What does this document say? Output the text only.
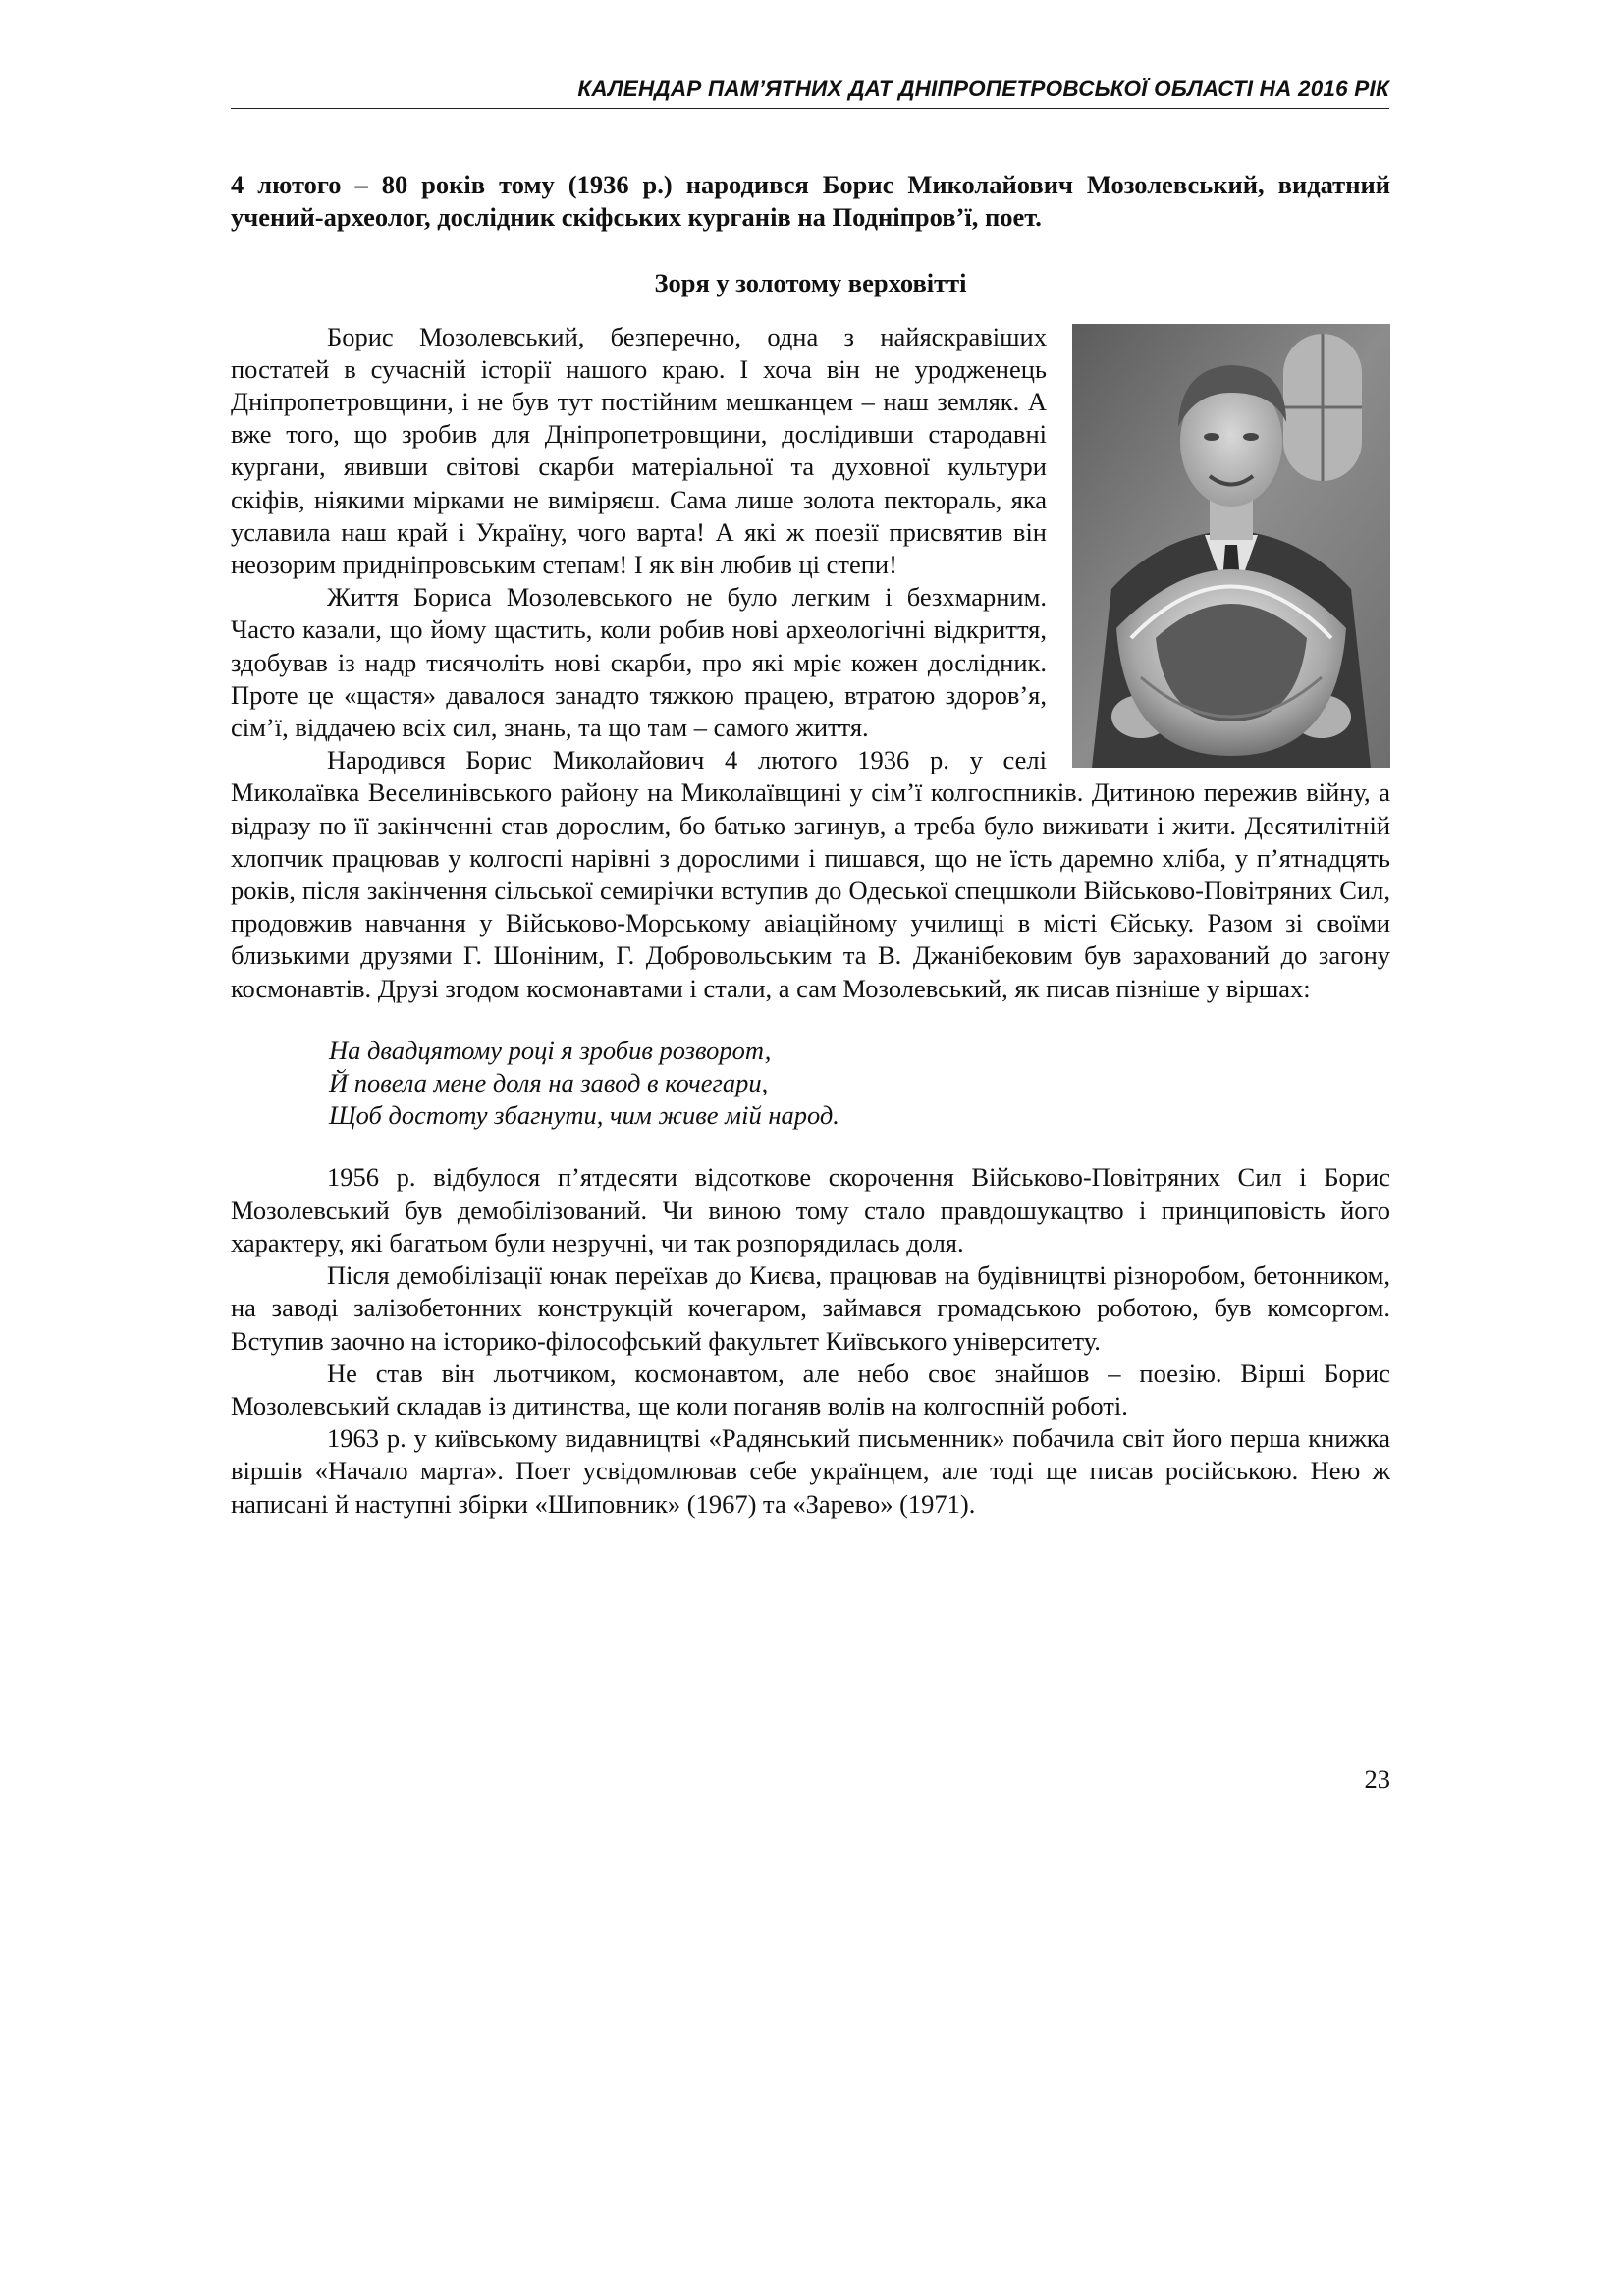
КАЛЕНДАР ПАМ’ЯТНИХ ДАТ ДНІПРОПЕТРОВСЬКОЇ ОБЛАСТІ НА 2016 РІК

4 лютого – 80 років тому (1936 р.) народився Борис Миколайович Мозолевський, видатний учений-археолог, дослідник скіфських курганів на Подніпров’ї, поет.

Зоря у золотому верховітті

Борис Мозолевський, безперечно, одна з найяскравіших постатей в сучасній історії нашого краю. І хоча він не уродженець Дніпропетровщини, і не був тут постійним мешканцем – наш земляк. А вже того, що зробив для Дніпропетровщини, дослідивши стародавні кургани, явивши світові скарби матеріальної та духовної культури скіфів, ніякими мірками не виміряєш. Сама лише золота пектораль, яка уславила наш край і Україну, чого варта! А які ж поезії присвятив він неозорим придніпровським степам! І як він любив ці степи!

Життя Бориса Мозолевського не було легким і безхмарним. Часто казали, що йому щастить, коли робив нові археологічні відкриття, здобував із надр тисячоліть нові скарби, про які мріє кожен дослідник. Проте це «щастя» давалося занадто тяжкою працею, втратою здоров’я, сім’ї, віддачею всіх сил, знань, та що там – самого життя.

Народився Борис Миколайович 4 лютого 1936 р. у селі Миколаївка Веселинівського району на Миколаївщині у сім’ї колгоспників. Дитиною пережив війну, а відразу по її закінченні став дорослим, бо батько загинув, а треба було виживати і жити. Десятилітній хлопчик працював у колгоспі нарівні з дорослими і пишався, що не їсть даремно хліба, у п’ятнадцять років, після закінчення сільської семирічки вступив до Одеської спецшколи Військово-Повітряних Сил, продовжив навчання у Військово-Морському авіаційному училищі в місті Єйську. Разом зі своїми близькими друзями Г. Шоніним, Г. Добровольським та В. Джанібековим був зарахований до загону космонавтів. Друзі згодом космонавтами і стали, а сам Мозолевський, як писав пізніше у віршах:

На двадцятому році я зробив розворот,
Й повела мене доля на завод в кочегари,
Щоб достоту збагнути, чим живе мій народ.

1956 р. відбулося п’ятдесяти відсоткове скорочення Військово-Повітряних Сил і Борис Мозолевський був демобілізований. Чи виною тому стало правдошукацтво і принциповість його характеру, які багатьом були незручні, чи так розпорядилась доля.

Після демобілізації юнак переїхав до Києва, працював на будівництві різноробом, бетонником, на заводі залізобетонних конструкцій кочегаром, займався громадською роботою, був комсоргом. Вступив заочно на історико-філософський факультет Київського університету.

Не став він льотчиком, космонавтом, але небо своє знайшов – поезію. Вірші Борис Мозолевський складав із дитинства, ще коли поганяв волів на колгоспній роботі.

1963 р. у київському видавництві «Радянський письменник» побачила світ його перша книжка віршів «Начало марта». Поет усвідомлював себе українцем, але тоді ще писав російською. Нею ж написані й наступні збірки «Шиповник» (1967) та «Зарево» (1971).

23
